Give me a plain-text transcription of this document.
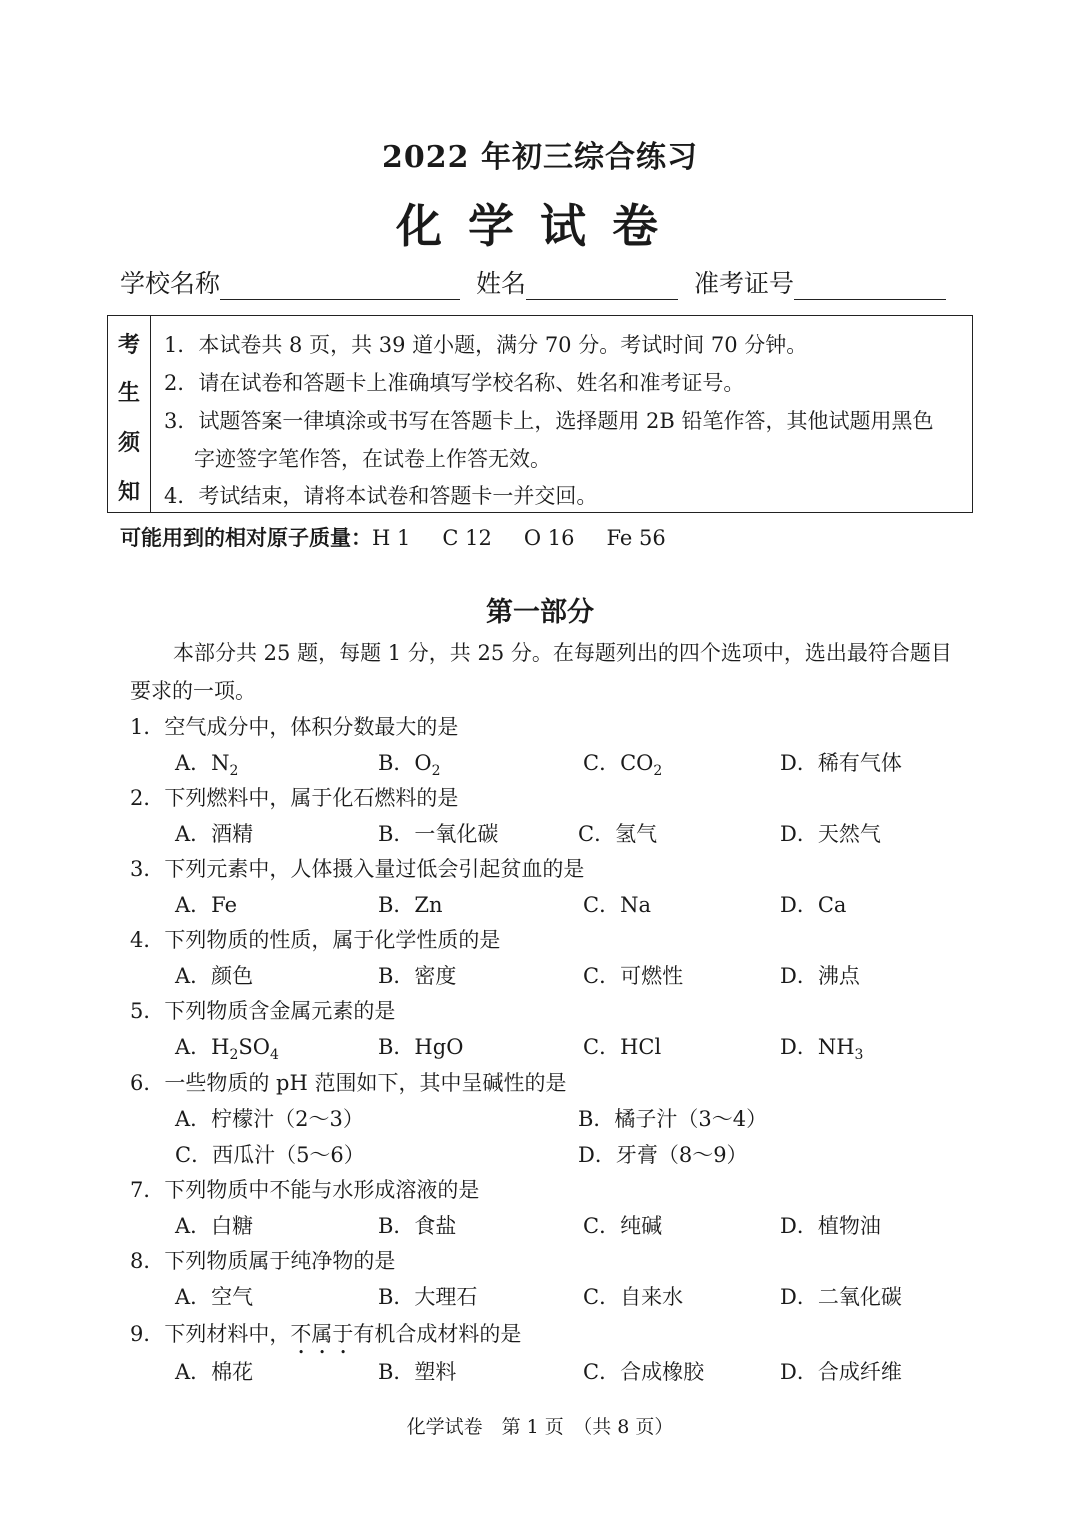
2022 年初三综合练习
化学试卷
学校名称	姓名	准考证号
考
生
须
知
1．本试卷共 8 页，共 39 道小题，满分 70 分。考试时间 70 分钟。
2．请在试卷和答题卡上准确填写学校名称、姓名和准考证号。
3．试题答案一律填涂或书写在答题卡上，选择题用 2B 铅笔作答，其他试题用黑色
字迹签字笔作答，在试卷上作答无效。
4．考试结束，请将本试卷和答题卡一并交回。
可能用到的相对原子质量：H 1 C 12 O 16 Fe 56
第一部分
本部分共 25 题，每题 1 分，共 25 分。在每题列出的四个选项中，选出最符合题目
要求的一项。
1．空气成分中，体积分数最大的是
A．$N_2$	B．$O_2$	C．$CO_2$	D．稀有气体
2．下列燃料中，属于化石燃料的是
A．酒精	B．一氧化碳	C．氢气	D．天然气
3．下列元素中，人体摄入量过低会引起贫血的是
A．Fe	B．Zn	C．Na	D．Ca
4．下列物质的性质，属于化学性质的是
A．颜色	B．密度	C．可燃性	D．沸点
5．下列物质含金属元素的是
A．$H_2SO_4$	B．HgO	C．HCl	D．$NH_3$
6．一些物质的 pH 范围如下，其中呈碱性的是
A．柠檬汁（2～3）	B．橘子汁（3～4）
C．西瓜汁（5～6）	D．牙膏（8～9）
7．下列物质中不能与水形成溶液的是
A．白糖	B．食盐	C．纯碱	D．植物油
8．下列物质属于纯净物的是
A．空气	B．大理石	C．自来水	D．二氧化碳
9．下列材料中，不属于有机合成材料的是
A．棉花	B．塑料	C．合成橡胶	D．合成纤维
化学试卷　第 1 页　（共 8 页）
